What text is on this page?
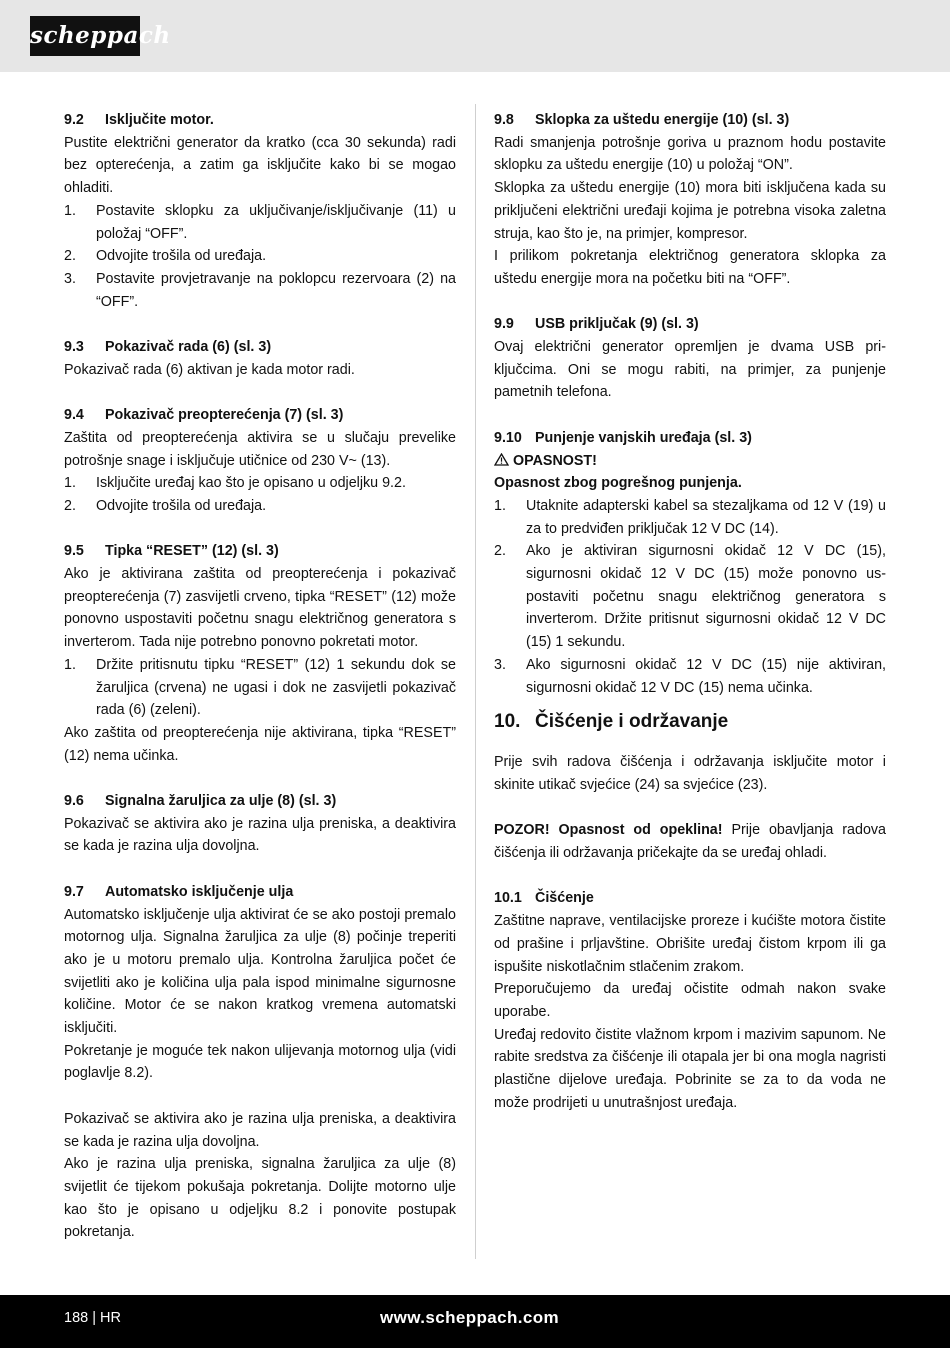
scheppach
9.2 Isključite motor.

Pustite električni generator da kratko (cca 30 sekunda) radi bez opterećenja, a zatim ga isključite kako bi se mogao ohladiti.

1.	Postavite sklopku za uključivanje/isključivanje (11) u položaj “OFF”.
2.	Odvojite trošila od uređaja.
3.	Postavite provjetravanje na poklopcu rezervoara (2) na “OFF”.
9.3 Pokazivač rada (6) (sl. 3)

Pokazivač rada (6) aktivan je kada motor radi.

9.4 Pokazivač preopterećenja (7) (sl. 3)

Zaštita od preopterećenja aktivira se u slučaju prevelike potrošnje snage i isključuje utičnice od 230 V~ (13).

1.	Isključite uređaj kao što je opisano u odjeljku 9.2.
2.	Odvojite trošila od uređaja.
9.5 Tipka “RESET” (12) (sl. 3)

Ako je aktivirana zaštita od preopterećenja i pokazivač preopterećenja (7) zasvijetli crveno, tipka “RESET” (12) može ponovno uspostaviti početnu snagu električnog generatora s inverterom. Tada nije potrebno ponovno pokretati motor.

1.	Držite pritisnutu tipku “RESET” (12) 1 sekundu dok se žaruljica (crvena) ne ugasi i dok ne zasvijetli pokazivač rada (6) (zeleni).

Ako zaštita od preopterećenja nije aktivirana, tipka “RESET” (12) nema učinka.

9.6 Signalna žaruljica za ulje (8) (sl. 3)

Pokazivač se aktivira ako je razina ulja preniska, a deaktivira se kada je razina ulja dovoljna.

9.7 Automatsko isključenje ulja

Automatsko isključenje ulja aktivirat će se ako postoji premalo motornog ulja. Signalna žaruljica za ulje (8) počinje treperiti ako je u motoru premalo ulja. Kontrolna žaruljica počet će svijetliti ako je količina ulja pala ispod minimalne sigurnosne količine. Motor će se nakon kratkog vremena automatski isključiti.

Pokretanje je moguće tek nakon ulijevanja motornog ulja (vidi poglavlje 8.2).

Pokazivač se aktivira ako je razina ulja preniska, a deaktivira se kada je razina ulja dovoljna.

Ako je razina ulja preniska, signalna žaruljica za ulje (8) svijetlit će tijekom pokušaja pokretanja. Dolijte motorno ulje kao što je opisano u odjeljku 8.2 i ponovite postupak pokretanja.

9.8 Sklopka za uštedu energije (10) (sl. 3)

Radi smanjenja potrošnje goriva u praznom hodu postavite sklopku za uštedu energije (10) u položaj “ON”.

Sklopka za uštedu energije (10) mora biti isključena kada su priključeni električni uređaji kojima je potrebna visoka zaletna struja, kao što je, na primjer, kompresor.

I prilikom pokretanja električnog generatora sklopka za uštedu energije mora na početku biti na “OFF”.

9.9 USB priključak (9) (sl. 3)

Ovaj električni generator opremljen je dvama USB priključcima. Oni se mogu rabiti, na primjer, za punjenje pametnih telefona.

9.10 Punjenje vanjskih uređaja (sl. 3)
OPASNOST!
Opasnost zbog pogrešnog punjenja.
1.	Utaknite adapterski kabel sa stezaljkama od 12 V (19) u za to predviđen priključak 12 V DC (14).
2.	Ako je aktiviran sigurnosni okidač 12 V DC (15), sigurnosni okidač 12 V DC (15) može ponovno uspostaviti početnu snagu električnog generatora s inverterom. Držite pritisnut sigurnosni okidač 12 V DC (15) 1 sekundu.
3.	Ako sigurnosni okidač 12 V DC (15) nije aktiviran, sigurnosni okidač 12 V DC (15) nema učinka.
10. Čišćenje i održavanje

Prije svih radova čišćenja i održavanja isključite motor i skinite utikač svjećice (24) sa svjećice (23).

POZOR! Opasnost od opeklina! Prije obavljanja radova čišćenja ili održavanja pričekajte da se uređaj ohladi.

10.1 Čišćenje

Zaštitne naprave, ventilacijske proreze i kućište motora čistite od prašine i prljavštine. Obrišite uređaj čistom krpom ili ga ispušite niskotlačnim stlačenim zrakom.

Preporučujemo da uređaj očistite odmah nakon svake uporabe.

Uređaj redovito čistite vlažnom krpom i mazivim sapunom. Ne rabite sredstva za čišćenje ili otapala jer bi ona mogla nagristi plastične dijelove uređaja. Pobrinite se za to da voda ne može prodrijeti u unutrašnjost uređaja.

188 | HR	www.scheppach.com
